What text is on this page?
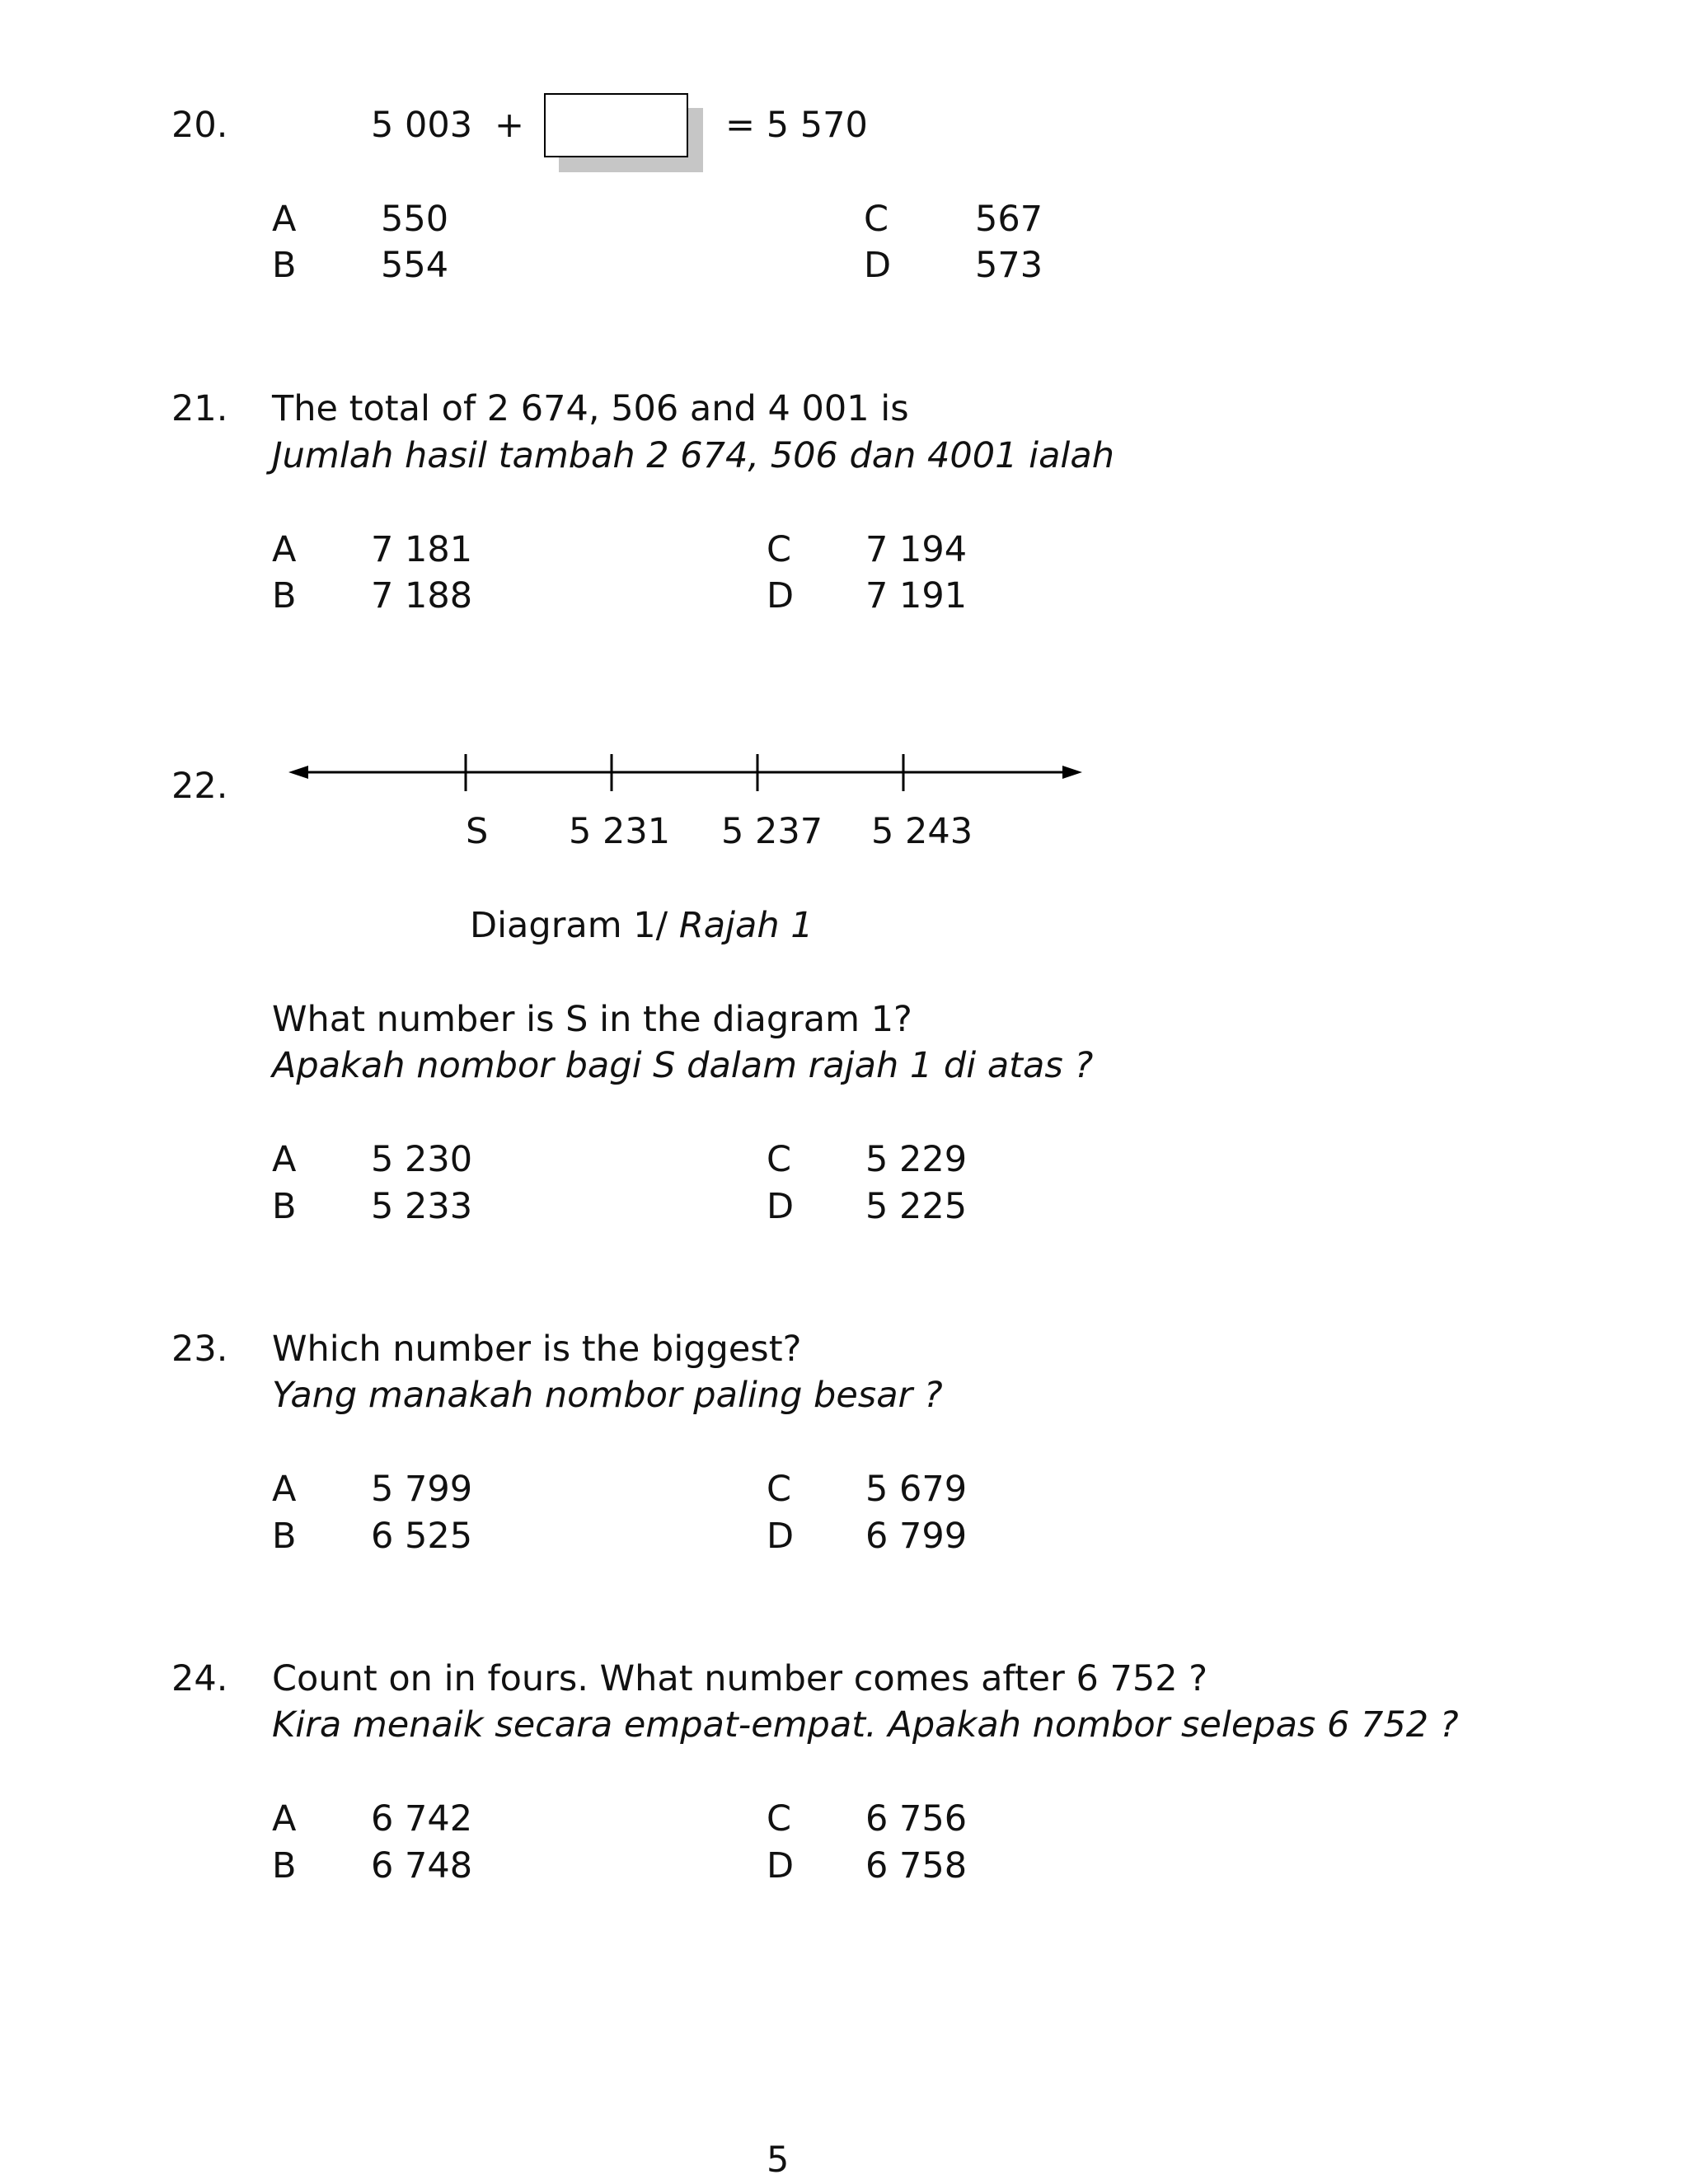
20.	5 003 +	= 5 570
A 550
B 554
C 567
D 573
21. The total of 2 674, 506 and 4 001 is
Jumlah hasil tambah 2 674, 506 dan 4001 ialah
A 7 181
B 7 188
C 7 194
D 7 191
22.
S 5 231 5 237 5 243
Diagram 1/ Rajah 1
What number is S in the diagram 1?
Apakah nombor bagi S dalam rajah 1 di atas ?
A 5 230
B 5 233
C 5 229
D 5 225
23. Which number is the biggest?
Yang manakah nombor paling besar ?
A 5 799
B 6 525
C 5 679
D 6 799
24. Count on in fours. What number comes after 6 752 ?
Kira menaik secara empat-empat. Apakah nombor selepas 6 752 ?
A 6 742
B 6 748
C 6 756
D 6 758
5
